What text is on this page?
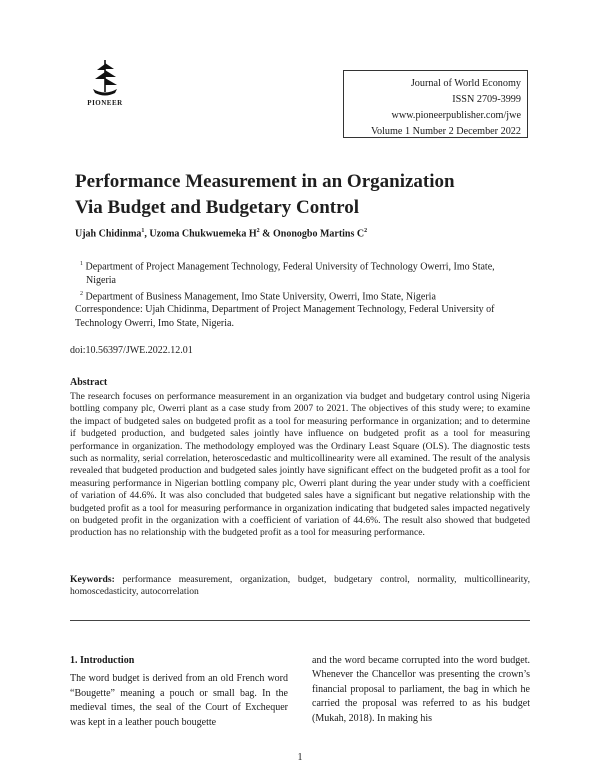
PIONEER
Journal of World Economy
ISSN 2709-3999
www.pioneerpublisher.com/jwe
Volume 1 Number 2 December 2022
Performance Measurement in an Organization Via Budget and Budgetary Control
Ujah Chidinma$^1$, Uzoma Chukwuemeka $H^2$ & Ononogbo Martins $C^2$
$^1$ Department of Project Management Technology, Federal University of Technology Owerri, Imo State, Nigeria
$^2$ Department of Business Management, Imo State University, Owerri, Imo State, Nigeria
Correspondence: Ujah Chidinma, Department of Project Management Technology, Federal University of Technology Owerri, Imo State, Nigeria.
doi:10.56397/JWE.2022.12.01
Abstract
The research focuses on performance measurement in an organization via budget and budgetary control using Nigeria bottling company plc, Owerri plant as a case study from 2007 to 2021. The objectives of this study were; to examine the impact of budgeted sales on budgeted profit as a tool for measuring performance in organization; and to determine if budgeted production, and budgeted sales jointly have influence on budgeted profit as a tool for measuring performance in organization. The methodology employed was the Ordinary Least Square (OLS). The diagnostic tests such as normality, serial correlation, heteroscedastic and multicollinearity were all examined. The result of the analysis revealed that budgeted production and budgeted sales jointly have significant effect on the budgeted profit as a tool for measuring performance in Nigerian bottling company plc, Owerri plant during the year under study with a coefficient of variation of 44.6%. It was also concluded that budgeted sales have a significant but negative relationship with the budgeted profit as a tool for measuring performance in organization indicating that budgeted sales impacted negatively on budgeted profit in the organization with a coefficient of variation of 44.6%. The result also showed that budgeted production has no relationship with the budgeted profit as a tool for measuring performance.
Keywords: performance measurement, organization, budget, budgetary control, normality, multicollinearity, homoscedasticity, autocorrelation
1. Introduction
The word budget is derived from an old French word “Bougette” meaning a pouch or small bag. In the medieval times, the seal of the Court of Exchequer was kept in a leather pouch bougette
and the word became corrupted into the word budget. Whenever the Chancellor was presenting the crown’s financial proposal to parliament, the bag in which he carried the proposal was referred to as his budget (Mukah, 2018). In making his
1
